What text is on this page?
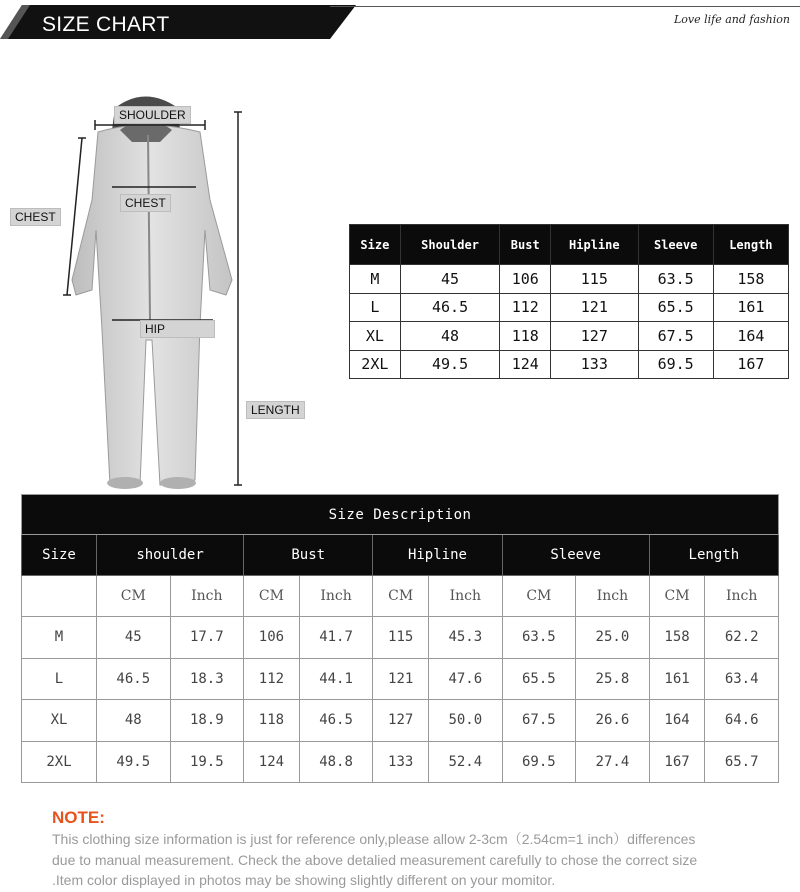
SIZE CHART	Love life and fashion
SHOULDER
CHEST
CHEST
HIP
LENGTH
Size	Shoulder	Bust	Hipline	Sleeve	Length
M	45	106	115	63.5	158
L	46.5	112	121	65.5	161
XL	48	118	127	67.5	164
2XL	49.5	124	133	69.5	167
Size Description										
Size	shoulder		Bust		Hipline		Sleeve		Length	
	CM	Inch	CM	Inch	CM	Inch	CM	Inch	CM	Inch
M	45	17.7	106	41.7	115	45.3	63.5	25.0	158	62.2
L	46.5	18.3	112	44.1	121	47.6	65.5	25.8	161	63.4
XL	48	18.9	118	46.5	127	50.0	67.5	26.6	164	64.6
2XL	49.5	19.5	124	48.8	133	52.4	69.5	27.4	167	65.7
NOTE:
This clothing size information is just for reference only,please allow 2-3cm（2.54cm=1 inch）differences
due to manual measurement. Check the above detalied measurement carefully to chose the correct size
.Item color displayed in photos may be showing slightly different on your momitor.
